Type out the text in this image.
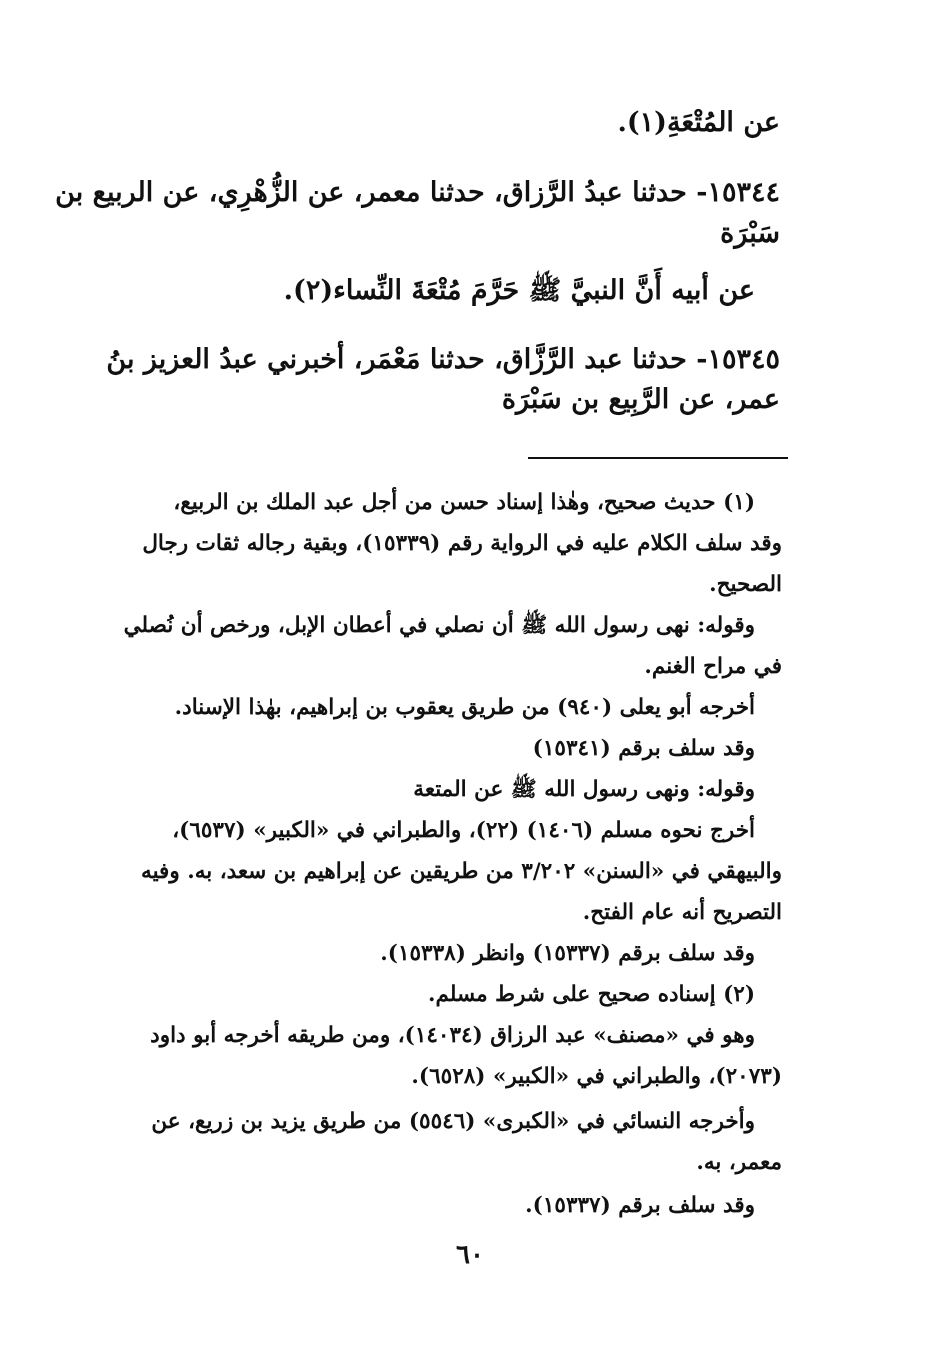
عن المُتْعَةِ(١).
١٥٣٤٤- حدثنا عبدُ الرَّزاق، حدثنا معمر، عن الزُّهْرِي، عن الربيع بن
سَبْرَة
عن أبيه أَنَّ النبيَّ ﷺ حَرَّمَ مُتْعَةَ النِّساء(٢).
١٥٣٤٥- حدثنا عبد الرَّزَّاق، حدثنا مَعْمَر، أخبرني عبدُ العزيز بنُ
عمر، عن الرَّبِيع بن سَبْرَة
(١) حديث صحيح، وهٰذا إسناد حسن من أجل عبد الملك بن الربيع،
وقد سلف الكلام عليه في الرواية رقم (١٥٣٣٩)، وبقية رجاله ثقات رجال
الصحيح.
وقوله: نهى رسول الله ﷺ أن نصلي في أعطان الإبل، ورخص أن نُصلي
في مراح الغنم.
أخرجه أبو يعلى (٩٤٠) من طريق يعقوب بن إبراهيم، بهٰذا الإسناد.
وقد سلف برقم (١٥٣٤١)
وقوله: ونهى رسول الله ﷺ عن المتعة
أخرج نحوه مسلم (١٤٠٦) (٢٢)، والطبراني في «الكبير» (٦٥٣٧)،
والبيهقي في «السنن» ٣/٢٠٢ من طريقين عن إبراهيم بن سعد، به. وفيه
التصريح أنه عام الفتح.
وقد سلف برقم (١٥٣٣٧) وانظر (١٥٣٣٨).
(٢) إسناده صحيح على شرط مسلم.
وهو في «مصنف» عبد الرزاق (١٤٠٣٤)، ومن طريقه أخرجه أبو داود
(٢٠٧٣)، والطبراني في «الكبير» (٦٥٢٨).
وأخرجه النسائي في «الكبرى» (٥٥٤٦) من طريق يزيد بن زريع، عن
معمر، به.
وقد سلف برقم (١٥٣٣٧).
٦٠
